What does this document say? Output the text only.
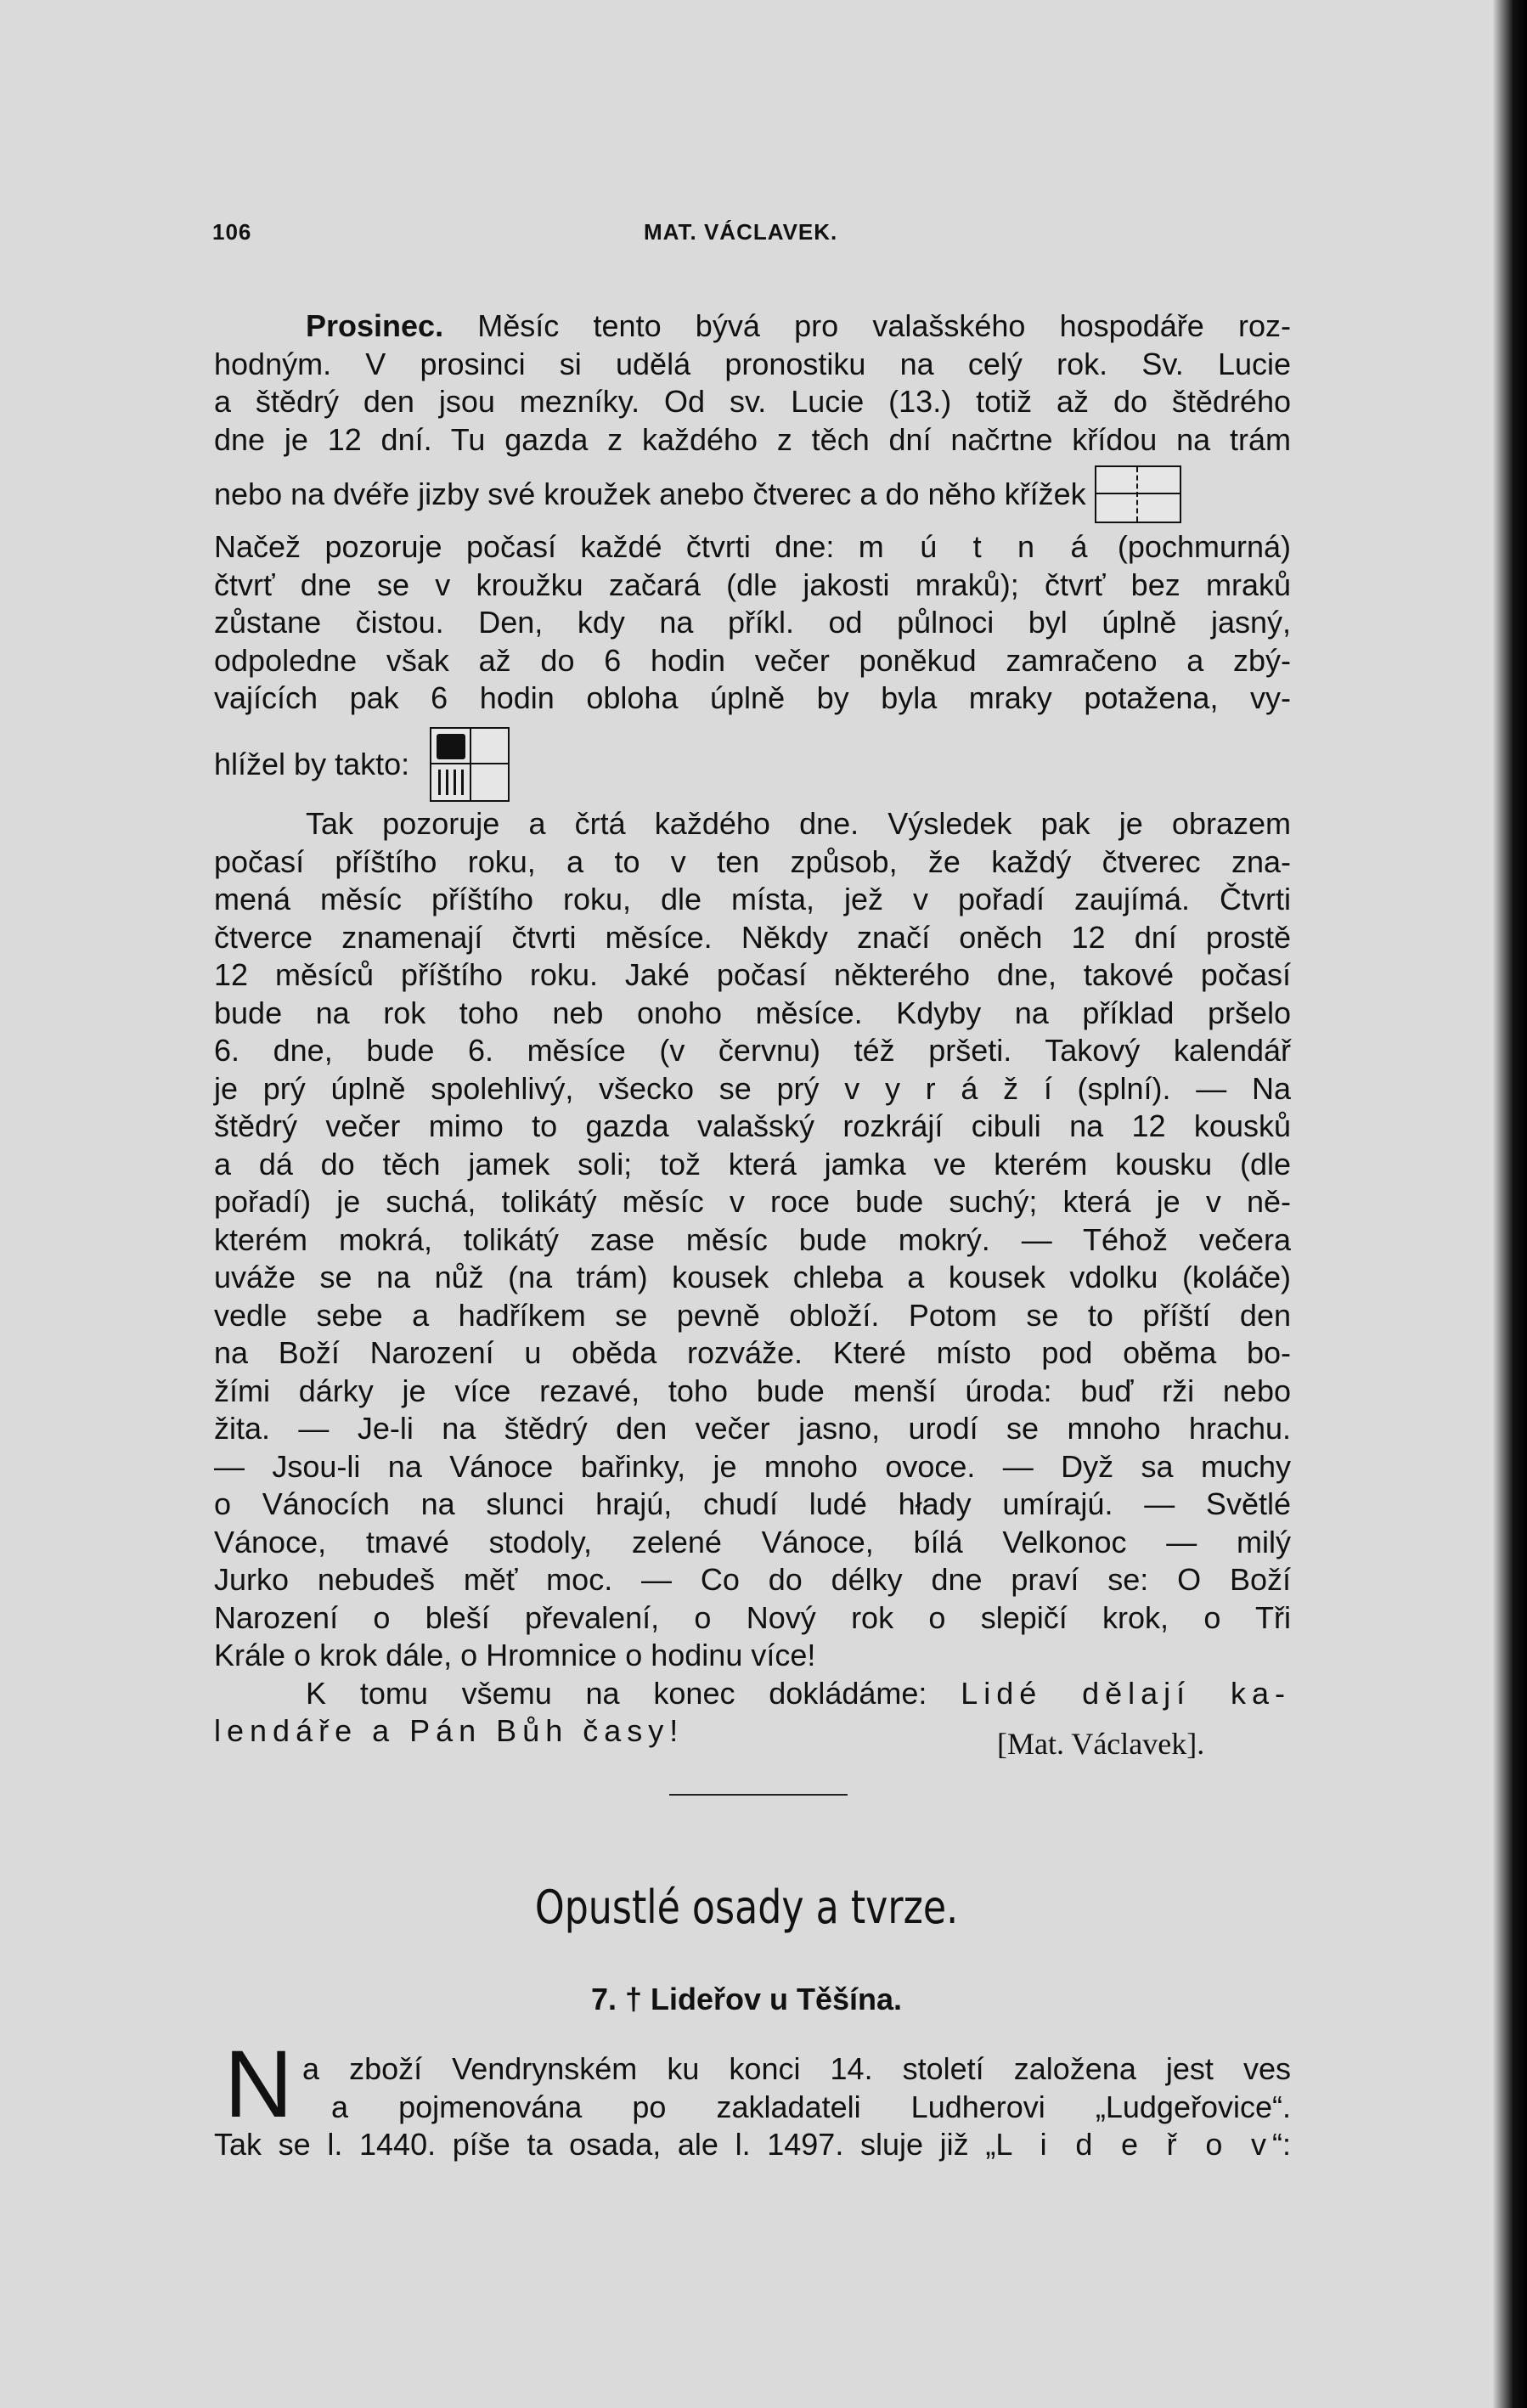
106	MAT. VÁCLAVEK.
Prosinec. Měsíc tento bývá pro valašského hospodáře roz-
hodným. V prosinci si udělá pronostiku na celý rok. Sv. Lucie
a štědrý den jsou mezníky. Od sv. Lucie (13.) totiž až do štědrého
dne je 12 dní. Tu gazda z každého z těch dní načrtne křídou na trám
nebo na dvéře jizby své kroužek anebo čtverec a do něho křížek
Načež pozoruje počasí každé čtvrti dne: m ú t n á (pochmurná)
čtvrť dne se v kroužku začará (dle jakosti mraků); čtvrť bez mraků
zůstane čistou. Den, kdy na příkl. od půlnoci byl úplně jasný,
odpoledne však až do 6 hodin večer poněkud zamračeno a zbý-
vajících pak 6 hodin obloha úplně by byla mraky potažena, vy-
hlížel by takto:
Tak pozoruje a črtá každého dne. Výsledek pak je obrazem
počasí příštího roku, a to v ten způsob, že každý čtverec zna-
mená měsíc příštího roku, dle místa, jež v pořadí zaujímá. Čtvrti
čtverce znamenají čtvrti měsíce. Někdy značí oněch 12 dní prostě
12 měsíců příštího roku. Jaké počasí některého dne, takové počasí
bude na rok toho neb onoho měsíce. Kdyby na příklad pršelo
6. dne, bude 6. měsíce (v červnu) též pršeti. Takový kalendář
je prý úplně spolehlivý, všecko se prý v y r á ž í (splní). — Na
štědrý večer mimo to gazda valašský rozkrájí cibuli na 12 kousků
a dá do těch jamek soli; tož která jamka ve kterém kousku (dle
pořadí) je suchá, tolikátý měsíc v roce bude suchý; která je v ně-
kterém mokrá, tolikátý zase měsíc bude mokrý. — Téhož večera
uváže se na nůž (na trám) kousek chleba a kousek vdolku (koláče)
vedle sebe a hadříkem se pevně obloží. Potom se to příští den
na Boží Narození u oběda rozváže. Které místo pod oběma bo-
žími dárky je více rezavé, toho bude menší úroda: buď rži nebo
žita. — Je-li na štědrý den večer jasno, urodí se mnoho hrachu.
— Jsou-li na Vánoce bařinky, je mnoho ovoce. — Dyž sa muchy
o Vánocích na slunci hrajú, chudí ludé hłady umírajú. — Světlé
Vánoce, tmavé stodoly, zelené Vánoce, bílá Velkonoc — milý
Jurko nebudeš měť moc. — Co do délky dne praví se: O Boží
Narození o bleší převalení, o Nový rok o slepičí krok, o Tři
Krále o krok dále, o Hromnice o hodinu více!
K tomu všemu na konec dokládáme: Lidé dělají ka-
lendáře a Pán Bůh časy!	[Mat. Václavek].
Opustlé osady a tvrze.
7. † Lideřov u Těšína.
N a zboží Vendrynském ku konci 14. století založena jest ves
a pojmenována po zakladateli Ludherovi „Ludgeřovice“.
Tak se l. 1440. píše ta osada, ale l. 1497. sluje již „L i d e ř o v“:
